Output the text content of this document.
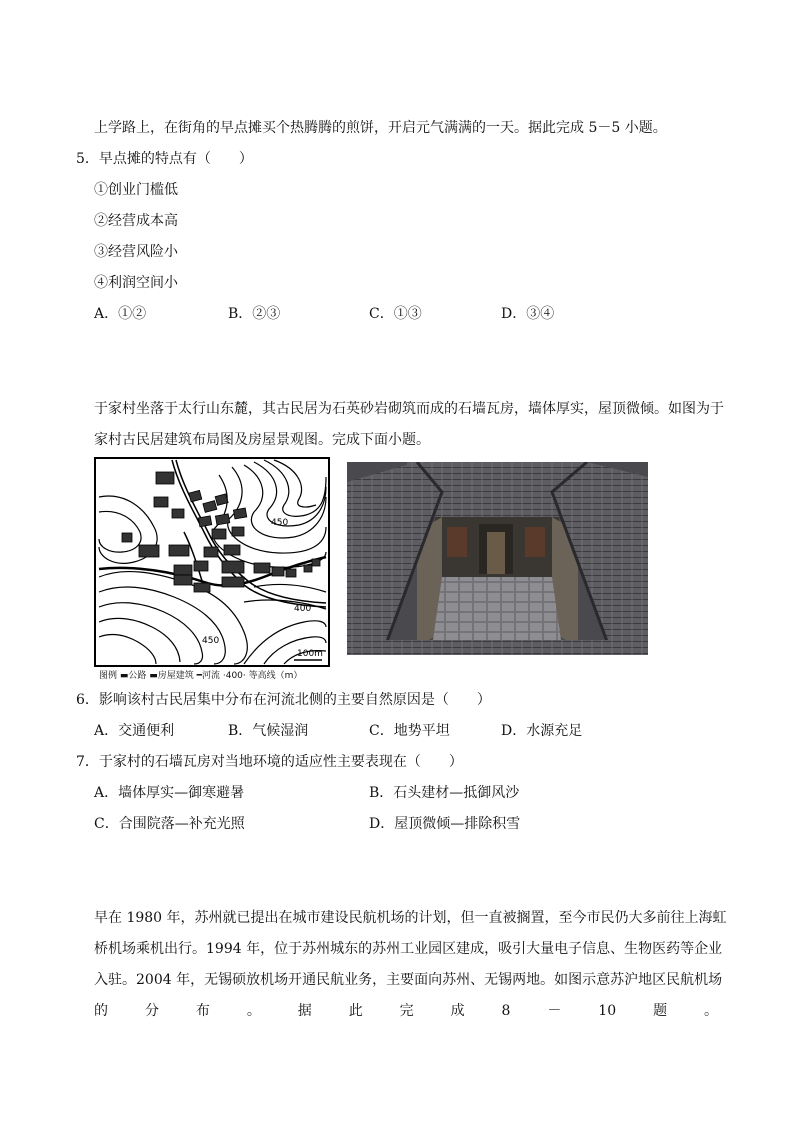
上学路上，在街角的早点摊买个热腾腾的煎饼，开启元气满满的一天。据此完成 5－5 小题。
5．早点摊的特点有（　　）
①创业门槛低
②经营成本高
③经营风险小
④利润空间小
A．①②	B．②③	C．①③	D．③④
于家村坐落于太行山东麓，其古民居为石英砂岩砌筑而成的石墙瓦房，墙体厚实，屋顶微倾。如图为于
家村古民居建筑布局图及房屋景观图。完成下面小题。
450
400
450
100m
图例 ▬公路 ▬房屋建筑 ━河流 ·400· 等高线（m）
6．影响该村古民居集中分布在河流北侧的主要自然原因是（　　）
A．交通便利	B．气候湿润	C．地势平坦	D．水源充足
7．于家村的石墙瓦房对当地环境的适应性主要表现在（　　）
A．墙体厚实—御寒避暑	B．石头建材—抵御风沙
C．合围院落—补充光照	D．屋顶微倾—排除积雪
早在 1980 年，苏州就已提出在城市建设民航机场的计划，但一直被搁置，至今市民仍大多前往上海虹
桥机场乘机出行。1994 年，位于苏州城东的苏州工业园区建成，吸引大量电子信息、生物医药等企业
入驻。2004 年，无锡硕放机场开通民航业务，主要面向苏州、无锡两地。如图示意苏沪地区民航机场
的	分	布	。	据	此	完	成	8	－	10	题	。
